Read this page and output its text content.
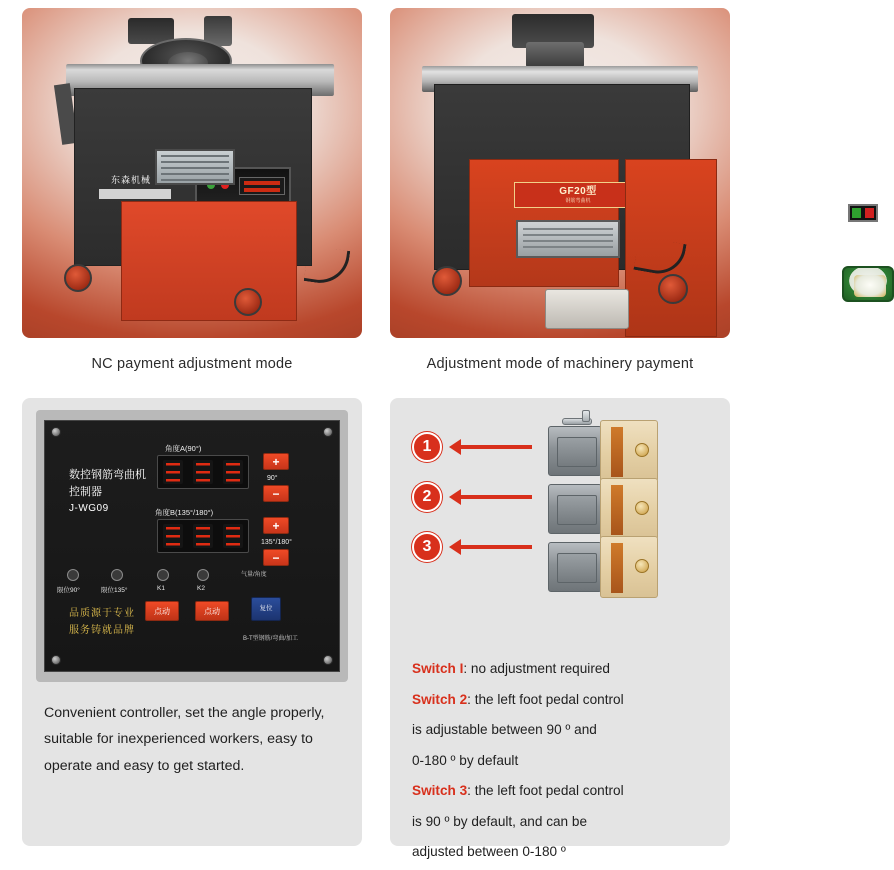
东森机械
NC payment adjustment mode
GF20型
钢筋弯曲机
Adjustment mode of machinery payment
数控钢筋弯曲机
控制器
J-WG09
角度A(90°)
+
90°
−
角度B(135°/180°)
+
135°/180°
−
限位90°	限位135°	K1	K2
气量/角度
点动	点动	复位
品质源于专业
服务铸就品牌
B-T型钢筋/弯曲/加工
Convenient controller, set the angle properly, suitable for inexperienced workers, easy to operate and easy to get started.
1
2
3

Switch I: no adjustment required

Switch 2: the left foot pedal control

is adjustable between 90 º and

0-180 º by default

Switch 3: the left foot pedal control

is 90 º by default, and can be

adjusted between 0-180 º
